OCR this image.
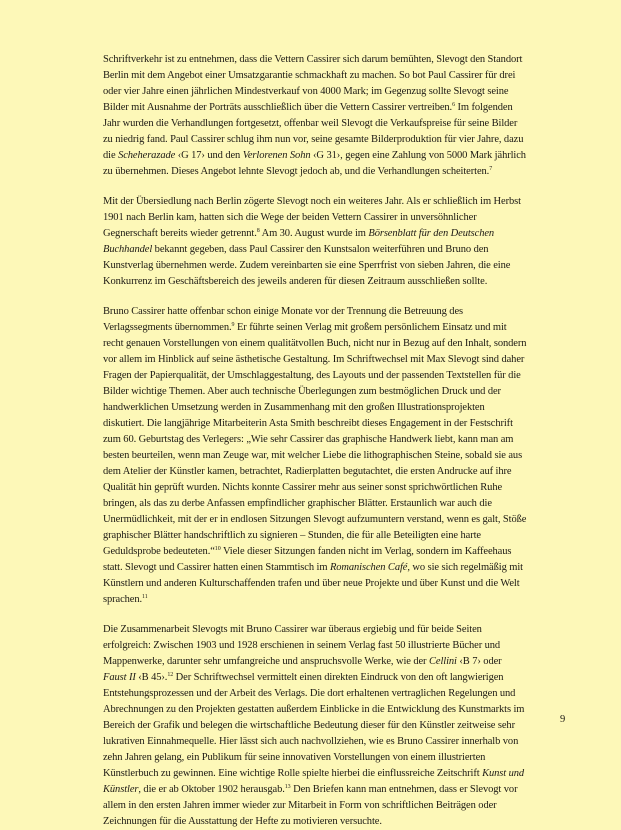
Schriftverkehr ist zu entnehmen, dass die Vettern Cassirer sich darum bemühten, Slevogt den Standort Berlin mit dem Angebot einer Umsatzgarantie schmackhaft zu machen. So bot Paul Cassirer für drei oder vier Jahre einen jährlichen Mindestverkauf von 4000 Mark; im Gegenzug sollte Slevogt seine Bilder mit Ausnahme der Porträts ausschließlich über die Vettern Cassirer vertreiben.$^6$ Im folgenden Jahr wurden die Verhandlungen fortgesetzt, offenbar weil Slevogt die Verkaufspreise für seine Bilder zu niedrig fand. Paul Cassirer schlug ihm nun vor, seine gesamte Bilderproduktion für vier Jahre, dazu die Scheherazade ‹G 17› und den Verlorenen Sohn ‹G 31›, gegen eine Zahlung von 5000 Mark jährlich zu übernehmen. Dieses Angebot lehnte Slevogt jedoch ab, und die Verhandlungen scheiterten.$^7$

Mit der Übersiedlung nach Berlin zögerte Slevogt noch ein weiteres Jahr. Als er schließlich im Herbst 1901 nach Berlin kam, hatten sich die Wege der beiden Vettern Cassirer in unversöhnlicher Gegnerschaft bereits wieder getrennt.$^8$ Am 30. August wurde im Börsenblatt für den Deutschen Buchhandel bekannt gegeben, dass Paul Cassirer den Kunstsalon weiterführen und Bruno den Kunstverlag übernehmen werde. Zudem vereinbarten sie eine Sperrfrist von sieben Jahren, die eine Konkurrenz im Geschäftsbereich des jeweils anderen für diesen Zeitraum ausschließen sollte.

Bruno Cassirer hatte offenbar schon einige Monate vor der Trennung die Betreuung des Verlagssegments übernommen.$^9$ Er führte seinen Verlag mit großem persönlichem Einsatz und mit recht genauen Vorstellungen von einem qualitätvollen Buch, nicht nur in Bezug auf den Inhalt, sondern vor allem im Hinblick auf seine ästhetische Gestaltung. Im Schriftwechsel mit Max Slevogt sind daher Fragen der Papierqualität, der Umschlaggestaltung, des Layouts und der passenden Textstellen für die Bilder wichtige Themen. Aber auch technische Überlegungen zum bestmöglichen Druck und der handwerklichen Umsetzung werden in Zusammenhang mit den großen Illustrationsprojekten diskutiert. Die langjährige Mitarbeiterin Asta Smith beschreibt dieses Engagement in der Festschrift zum 60. Geburtstag des Verlegers: „Wie sehr Cassirer das graphische Handwerk liebt, kann man am besten beurteilen, wenn man Zeuge war, mit welcher Liebe die lithographischen Steine, sobald sie aus dem Atelier der Künstler kamen, betrachtet, Radierplatten begutachtet, die ersten Andrucke auf ihre Qualität hin geprüft wurden. Nichts konnte Cassirer mehr aus seiner sonst sprichwörtlichen Ruhe bringen, als das zu derbe Anfassen empfindlicher graphischer Blätter. Erstaunlich war auch die Unermüdlichkeit, mit der er in endlosen Sitzungen Slevogt aufzumuntern verstand, wenn es galt, Stöße graphischer Blätter handschriftlich zu signieren – Stunden, die für alle Beteiligten eine harte Geduldsprobe bedeuteten.“$^{10}$ Viele dieser Sitzungen fanden nicht im Verlag, sondern im Kaffeehaus statt. Slevogt und Cassirer hatten einen Stammtisch im Romanischen Café, wo sie sich regelmäßig mit Künstlern und anderen Kulturschaffenden trafen und über neue Projekte und über Kunst und die Welt sprachen.$^{11}$

Die Zusammenarbeit Slevogts mit Bruno Cassirer war überaus ergiebig und für beide Seiten erfolgreich: Zwischen 1903 und 1928 erschienen in seinem Verlag fast 50 illustrierte Bücher und Mappenwerke, darunter sehr umfangreiche und anspruchsvolle Werke, wie der Cellini ‹B 7› oder Faust II ‹B 45›.$^{12}$ Der Schriftwechsel vermittelt einen direkten Eindruck von den oft langwierigen Entstehungsprozessen und der Arbeit des Verlags. Die dort erhaltenen vertraglichen Regelungen und Abrechnungen zu den Projekten gestatten außerdem Einblicke in die Entwicklung des Kunstmarkts im Bereich der Grafik und belegen die wirtschaftliche Bedeutung dieser für den Künstler zeitweise sehr lukrativen Einnahmequelle. Hier lässt sich auch nachvollziehen, wie es Bruno Cassirer innerhalb von zehn Jahren gelang, ein Publikum für seine innovativen Vorstellungen von einem illustrierten Künstlerbuch zu gewinnen. Eine wichtige Rolle spielte hierbei die einflussreiche Zeitschrift Kunst und Künstler, die er ab Oktober 1902 herausgab.$^{13}$ Den Briefen kann man entnehmen, dass er Slevogt vor allem in den ersten Jahren immer wieder zur Mitarbeit in Form von schriftlichen Beiträgen oder Zeichnungen für die Ausstattung der Hefte zu motivieren versuchte.

9
